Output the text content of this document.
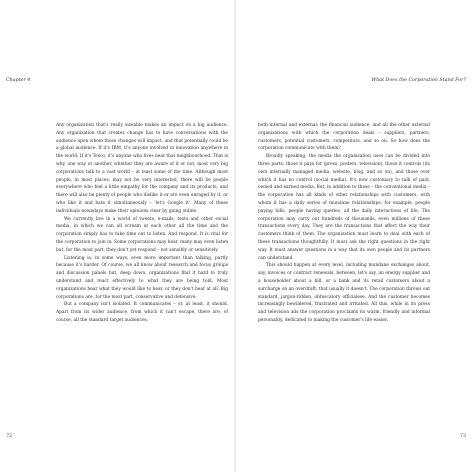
Chapter 4

Any organization that's really sizeable makes an impact on a big audience. Any organization that creates change has to have conversations with the audience upon whom those changes will impact, and that potentially could be a global audience. If it's IBM, it's anyone involved in innovation anywhere in the world. If it's Tesco, it's anyone who lives near that neighbourhood. That is why, one way or another, whether they are aware of it or not, most very big corporations talk to a vast world – at least some of the time. Although most people, in most places, may not be very interested, there will be people everywhere who feel a little empathy for the company and its products, and there will also be plenty of people who dislike it or are even enraged by it, or who like it and hate it simultaneously – 'let's Google it'. Many of these individuals nowadays make their opinions clear by going online.

We currently live in a world of tweets, e-mails, texts and other social media, in which we can all scream at each other all the time and the corporation simply has to take time out to listen. And respond. It is vital for the corporation to join in. Some corporations may hear, many may even listen but, for the most part, they don't yet respond – not sensibly or sensitively.

Listening is, in some ways, even more important than talking, partly because it's harder. Of course, we all know about research and focus groups and discussion panels but, deep down, organizations find it hard to truly understand and react effectively to what they are being told. Most organizations hear what they would like to hear, or they don't hear at all. Big corporations are, for the most part, conservative and defensive.

But a company isn't isolated. It communicates – or, at least, it should. Apart from its wider audience, from which it can't escape, there are, of course, all the standard target audiences,

72
What Does the Corporation Stand For?

both internal and external: the financial audience, and all the other external organizations with which the corporation deals – suppliers, partners, customers, potential customers, competitors, and so on. So how does the corporation communicate with them?

Broadly speaking, the media the organization uses can be divided into three parts: those it pays for (press, posters, television), those it controls (its own internally managed media, website, blog, and so on), and those over which it has no control (social media). It's now customary to talk of paid, owned and earned media. But, in addition to these – the conventional media – the corporation has all kinds of other relationships with customers, with whom it has a daily series of mundane relationships: for example, people paying bills, people having queries, all the daily interactions of life. The corporation may carry out hundreds of thousands, even millions of these transactions every day. They are the transactions that affect the way their customers think of them. The organization must learn to deal with each of these transactions thoughtfully. It must ask the right questions in the right way. It must answer questions in a way that its own people and its partners can understand.

This should happen at every level, including mundane exchanges about, say, invoices or contract renewals, between, let's say, an energy supplier and a householder about a bill, or a bank and its retail customers about a surcharge on an overdraft; that usually it doesn't. The corporation throws out standard, jargon-ridden, obfuscatory officialese. And the customer becomes increasingly bewildered, frustrated and irritated. All this, while in its press and television ads the corporation proclaims its warm, friendly and informal personality, dedicated to making the customer's life easier.

73
